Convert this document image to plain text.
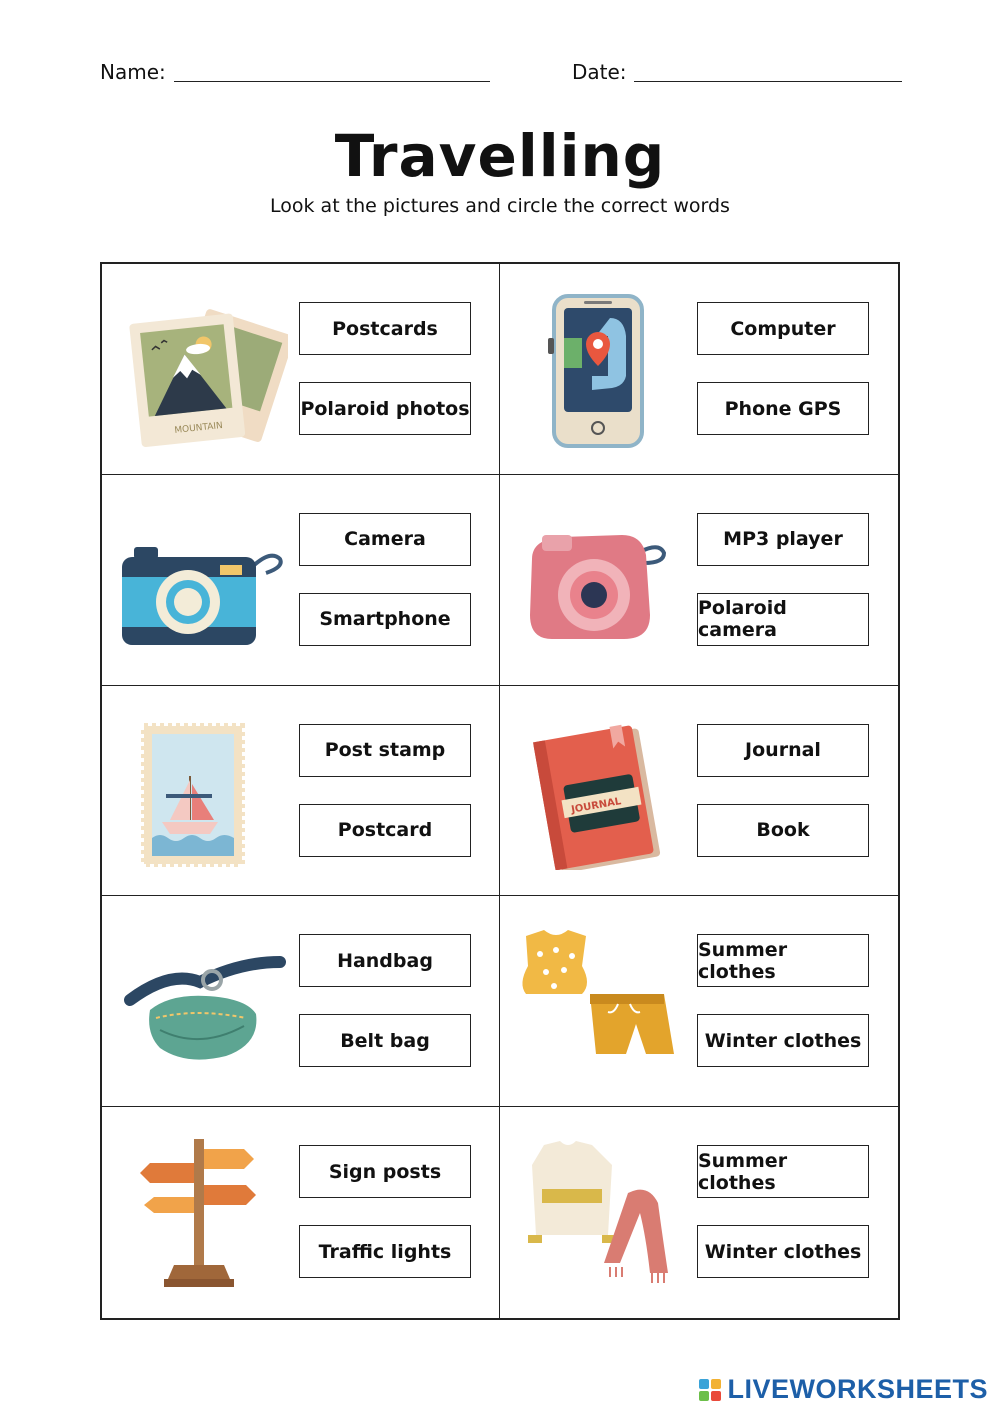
Name:	Date:
Travelling
Look at the pictures and circle the correct words
MOUNTAIN
Postcards
Polaroid photos
Computer
Phone GPS
Camera
Smartphone
MP3 player
Polaroid camera
Post stamp
Postcard
JOURNAL
Journal
Book
Handbag
Belt bag
Summer clothes
Winter clothes
Sign posts
Traffic lights
Summer clothes
Winter clothes
LIVEWORKSHEETS
